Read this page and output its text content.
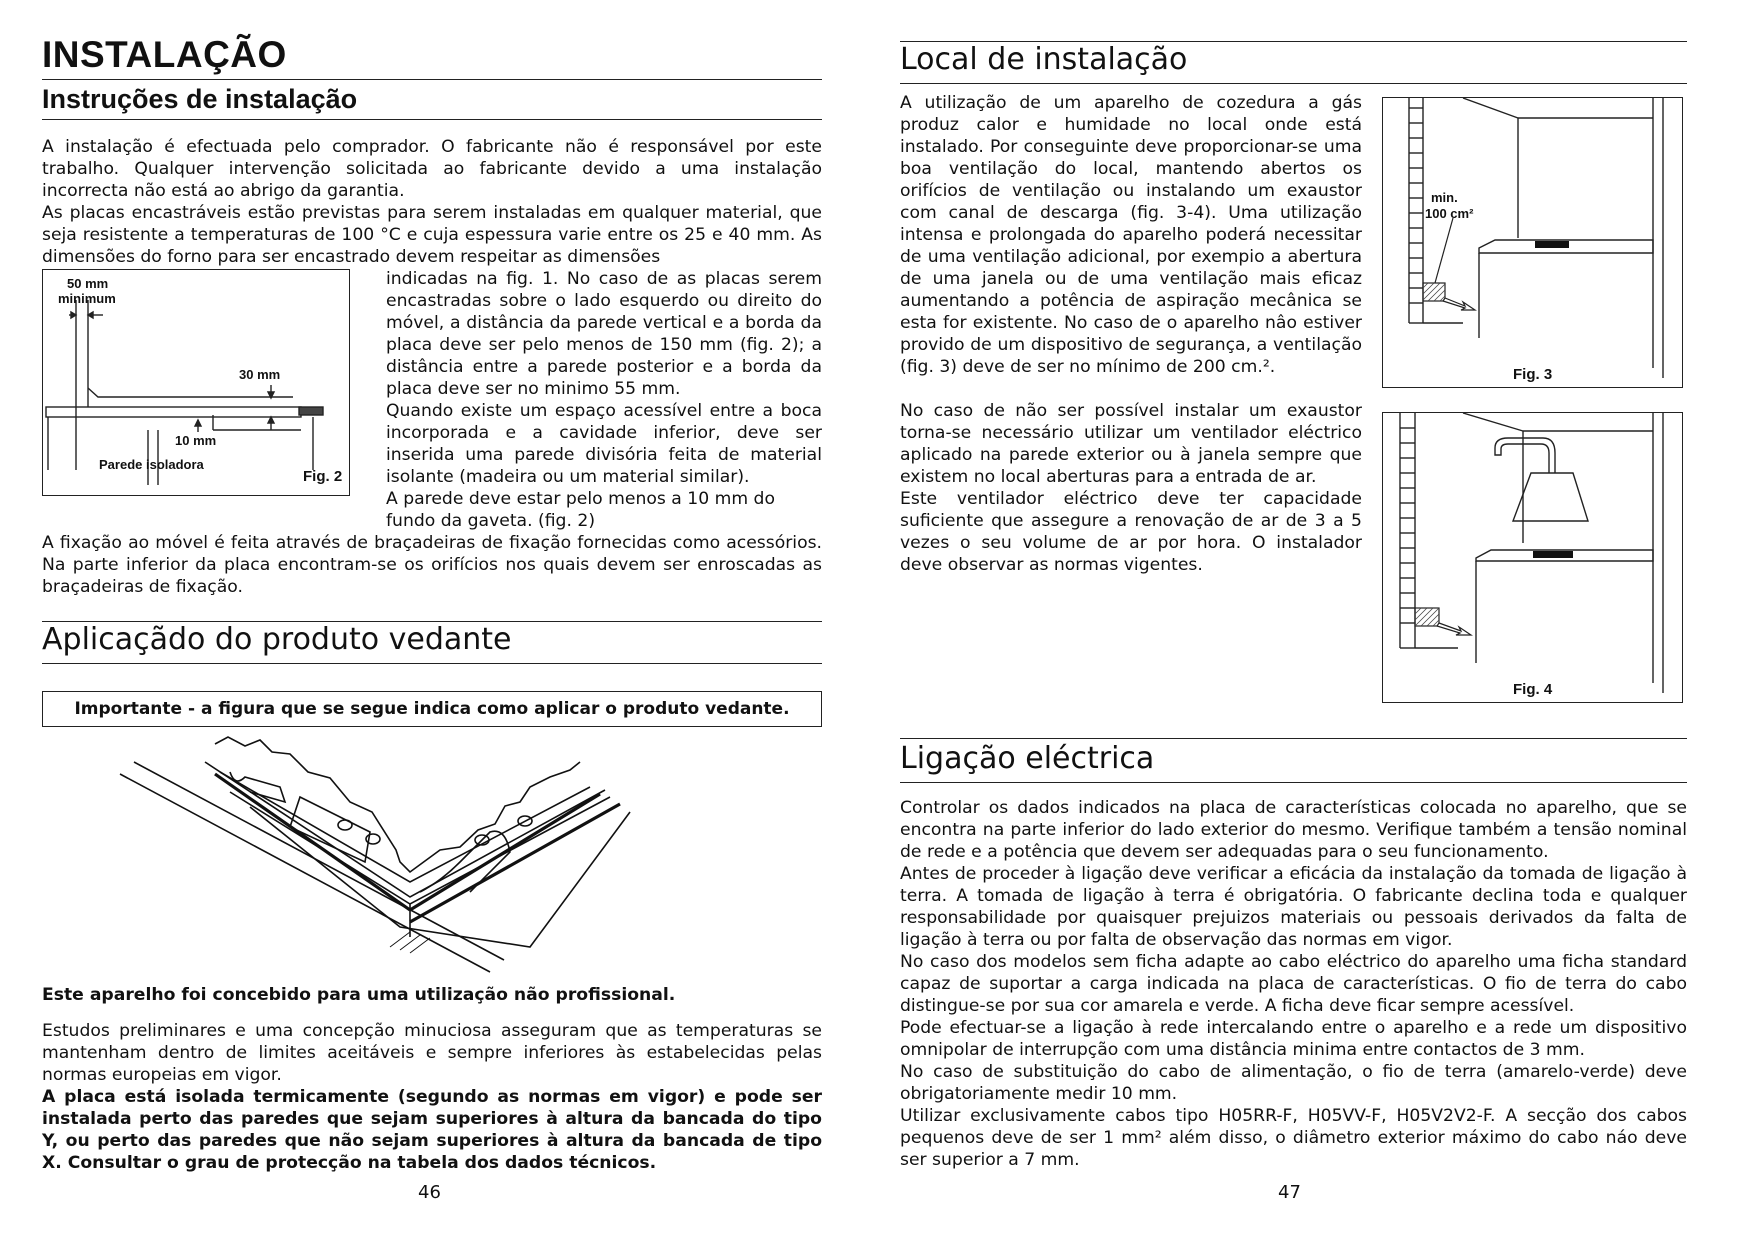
INSTALAÇÃO
Instruções de instalação

A instalação é efectuada pelo comprador. O fabricante não é responsável por este trabalho. Qualquer intervenção solicitada ao fabricante devido a uma instalação incorrecta não está ao abrigo da garantia.

As placas encastráveis estão previstas para serem instaladas em qualquer material, que seja resistente a temperaturas de 100 °C e cuja espessura varie entre os 25 e 40 mm. As dimensões do forno para ser encastrado devem respeitar as dimensões

50 mm
minimum
30 mm
10 mm
Parede isoladora
Fig. 2

indicadas na fig. 1. No caso de as placas serem encastradas sobre o lado esquerdo ou direito do móvel, a distância da parede vertical e a borda da placa deve ser pelo menos de 150 mm (fig. 2); a distância entre a parede posterior e a borda da placa deve ser no minimo 55 mm.

Quando existe um espaço acessível entre a boca incorporada e a cavidade inferior, deve ser inserida uma parede divisória feita de material isolante (madeira ou um material similar).

A parede deve estar pelo menos a 10 mm do fundo da gaveta. (fig. 2)

A fixação ao móvel é feita através de braçadeiras de fixação fornecidas como acessórios. Na parte inferior da placa encontram-se os orifícios nos quais devem ser enroscadas as braçadeiras de fixação.

Aplicaçãdo do produto vedante
Importante - a figura que se segue indica como aplicar o produto vedante.

Este aparelho foi concebido para uma utilização não profissional.

Estudos preliminares e uma concepção minuciosa asseguram que as temperaturas se mantenham dentro de limites aceitáveis e sempre inferiores às estabelecidas pelas normas europeias em vigor.

A placa está isolada termicamente (segundo as normas em vigor) e pode ser instalada perto das paredes que sejam superiores à altura da bancada do tipo Y, ou perto das paredes que não sejam superiores à altura da bancada de tipo X. Consultar o grau de protecção na tabela dos dados técnicos.

46
Local de instalação

A utilização de um aparelho de cozedura a gás produz calor e humidade no local onde está instalado. Por conseguinte deve proporcionar-se uma boa ventilação do local, mantendo abertos os orifícios de ventilação ou instalando um exaustor com canal de descarga (fig. 3-4). Uma utilização intensa e prolongada do aparelho poderá necessitar de uma ventilação adicional, por exempio a abertura de uma janela ou de uma ventilação mais eficaz aumentando a potência de aspiração mecânica se esta for existente. No caso de o aparelho nâo estiver provido de um dispositivo de segurança, a ventilação (fig. 3) deve de ser no mínimo de 200 cm.².

No caso de não ser possível instalar um exaustor torna-se necessário utilizar um ventilador eléctrico aplicado na parede exterior ou à janela sempre que existem no local aberturas para a entrada de ar.

Este ventilador eléctrico deve ter capacidade suficiente que assegure a renovação de ar de 3 a 5 vezes o seu volume de ar por hora. O instalador deve observar as normas vigentes.

min.
100 cm²
Fig. 3
Fig. 4
Ligação eléctrica

Controlar os dados indicados na placa de características colocada no aparelho, que se encontra na parte inferior do lado exterior do mesmo. Verifique também a tensão nominal de rede e a potência que devem ser adequadas para o seu funcionamento.

Antes de proceder à ligação deve verificar a eficácia da instalação da tomada de ligação à terra. A tomada de ligação à terra é obrigatória. O fabricante declina toda e qualquer responsabilidade por quaisquer prejuizos materiais ou pessoais derivados da falta de ligação à terra ou por falta de observação das normas em vigor.

No caso dos modelos sem ficha adapte ao cabo eléctrico do aparelho uma ficha standard capaz de suportar a carga indicada na placa de características. O fio de terra do cabo distingue-se por sua cor amarela e verde. A ficha deve ficar sempre acessível.

Pode efectuar-se a ligação à rede intercalando entre o aparelho e a rede um dispositivo omnipolar de interrupção com uma distância minima entre contactos de 3 mm.

No caso de substituição do cabo de alimentação, o fio de terra (amarelo-verde) deve obrigatoriamente medir 10 mm.

Utilizar exclusivamente cabos tipo H05RR-F, H05VV-F, H05V2V2-F. A secção dos cabos pequenos deve de ser 1 mm² além disso, o diâmetro exterior máximo do cabo náo deve ser superior a 7 mm.

47
